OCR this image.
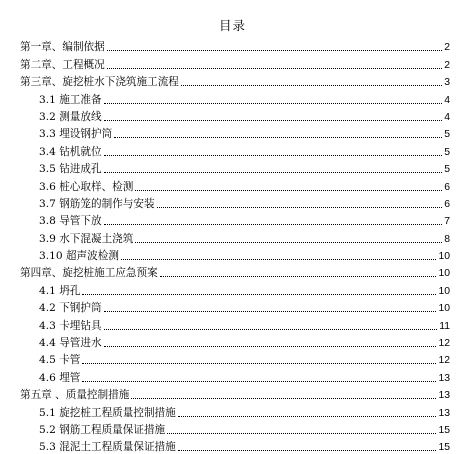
目录
第一章、编制依据	2
第二章、工程概况	2
第三章、旋挖桩水下浇筑施工流程	3
3.1 施工准备	4
3.2 测量放线	4
3.3 埋设钢护筒	5
3.4 钻机就位	5
3.5 钻进成孔	5
3.6 桩心取样、检测	6
3.7 钢筋笼的制作与安装	6
3.8 导管下放	7
3.9 水下混凝土浇筑	8
3.10 超声波检测	10
第四章、旋挖桩施工应急预案	10
4.1 坍孔	10
4.2 下钢护筒	10
4.3 卡埋钻具	11
4.4 导管进水	12
4.5 卡管	12
4.6 埋管	13
第五章 、质量控制措施	13
5.1 旋挖桩工程质量控制措施	13
5.2 钢筋工程质量保证措施	15
5.3 混泥土工程质量保证措施	15
